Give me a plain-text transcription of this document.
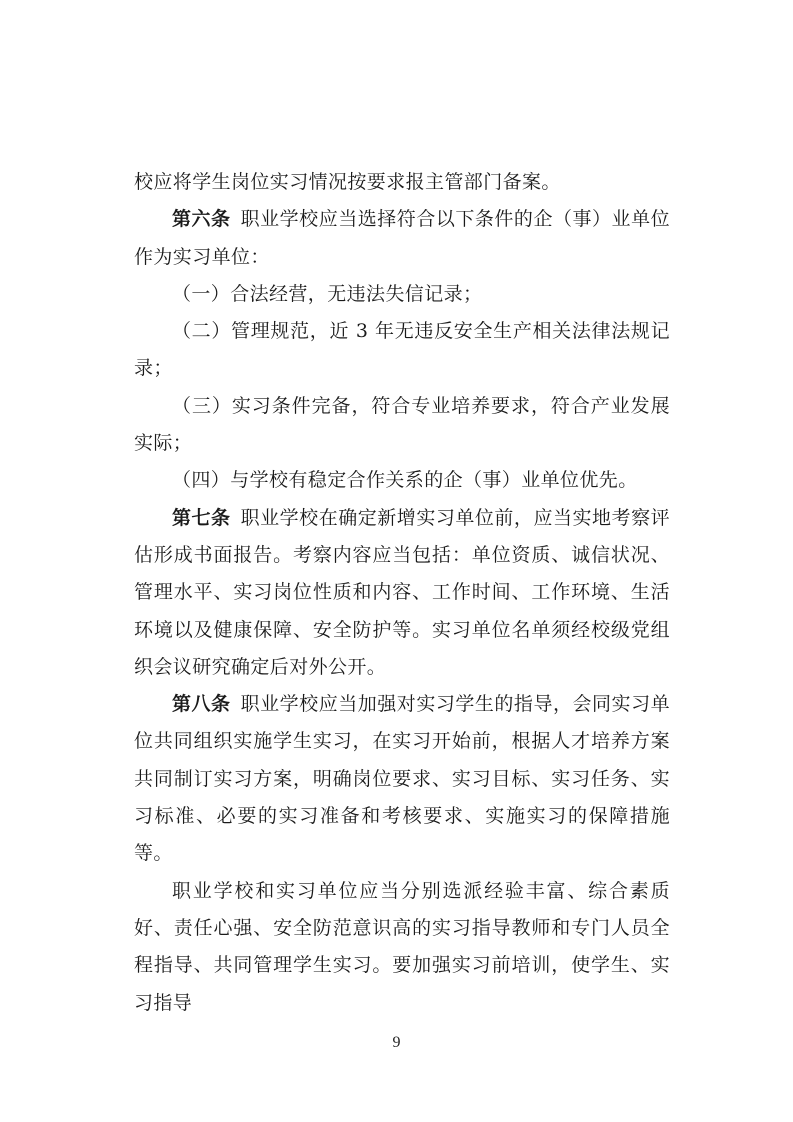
校应将学生岗位实习情况按要求报主管部门备案。

第六条  职业学校应当选择符合以下条件的企（事）业单位作为实习单位：

（一）合法经营，无违法失信记录；

（二）管理规范，近 3 年无违反安全生产相关法律法规记录；

（三）实习条件完备，符合专业培养要求，符合产业发展实际；

（四）与学校有稳定合作关系的企（事）业单位优先。

第七条  职业学校在确定新增实习单位前，应当实地考察评估形成书面报告。考察内容应当包括：单位资质、诚信状况、管理水平、实习岗位性质和内容、工作时间、工作环境、生活环境以及健康保障、安全防护等。实习单位名单须经校级党组织会议研究确定后对外公开。

第八条  职业学校应当加强对实习学生的指导，会同实习单位共同组织实施学生实习，在实习开始前，根据人才培养方案共同制订实习方案，明确岗位要求、实习目标、实习任务、实习标准、必要的实习准备和考核要求、实施实习的保障措施等。

职业学校和实习单位应当分别选派经验丰富、综合素质好、责任心强、安全防范意识高的实习指导教师和专门人员全程指导、共同管理学生实习。要加强实习前培训，使学生、实习指导

9
